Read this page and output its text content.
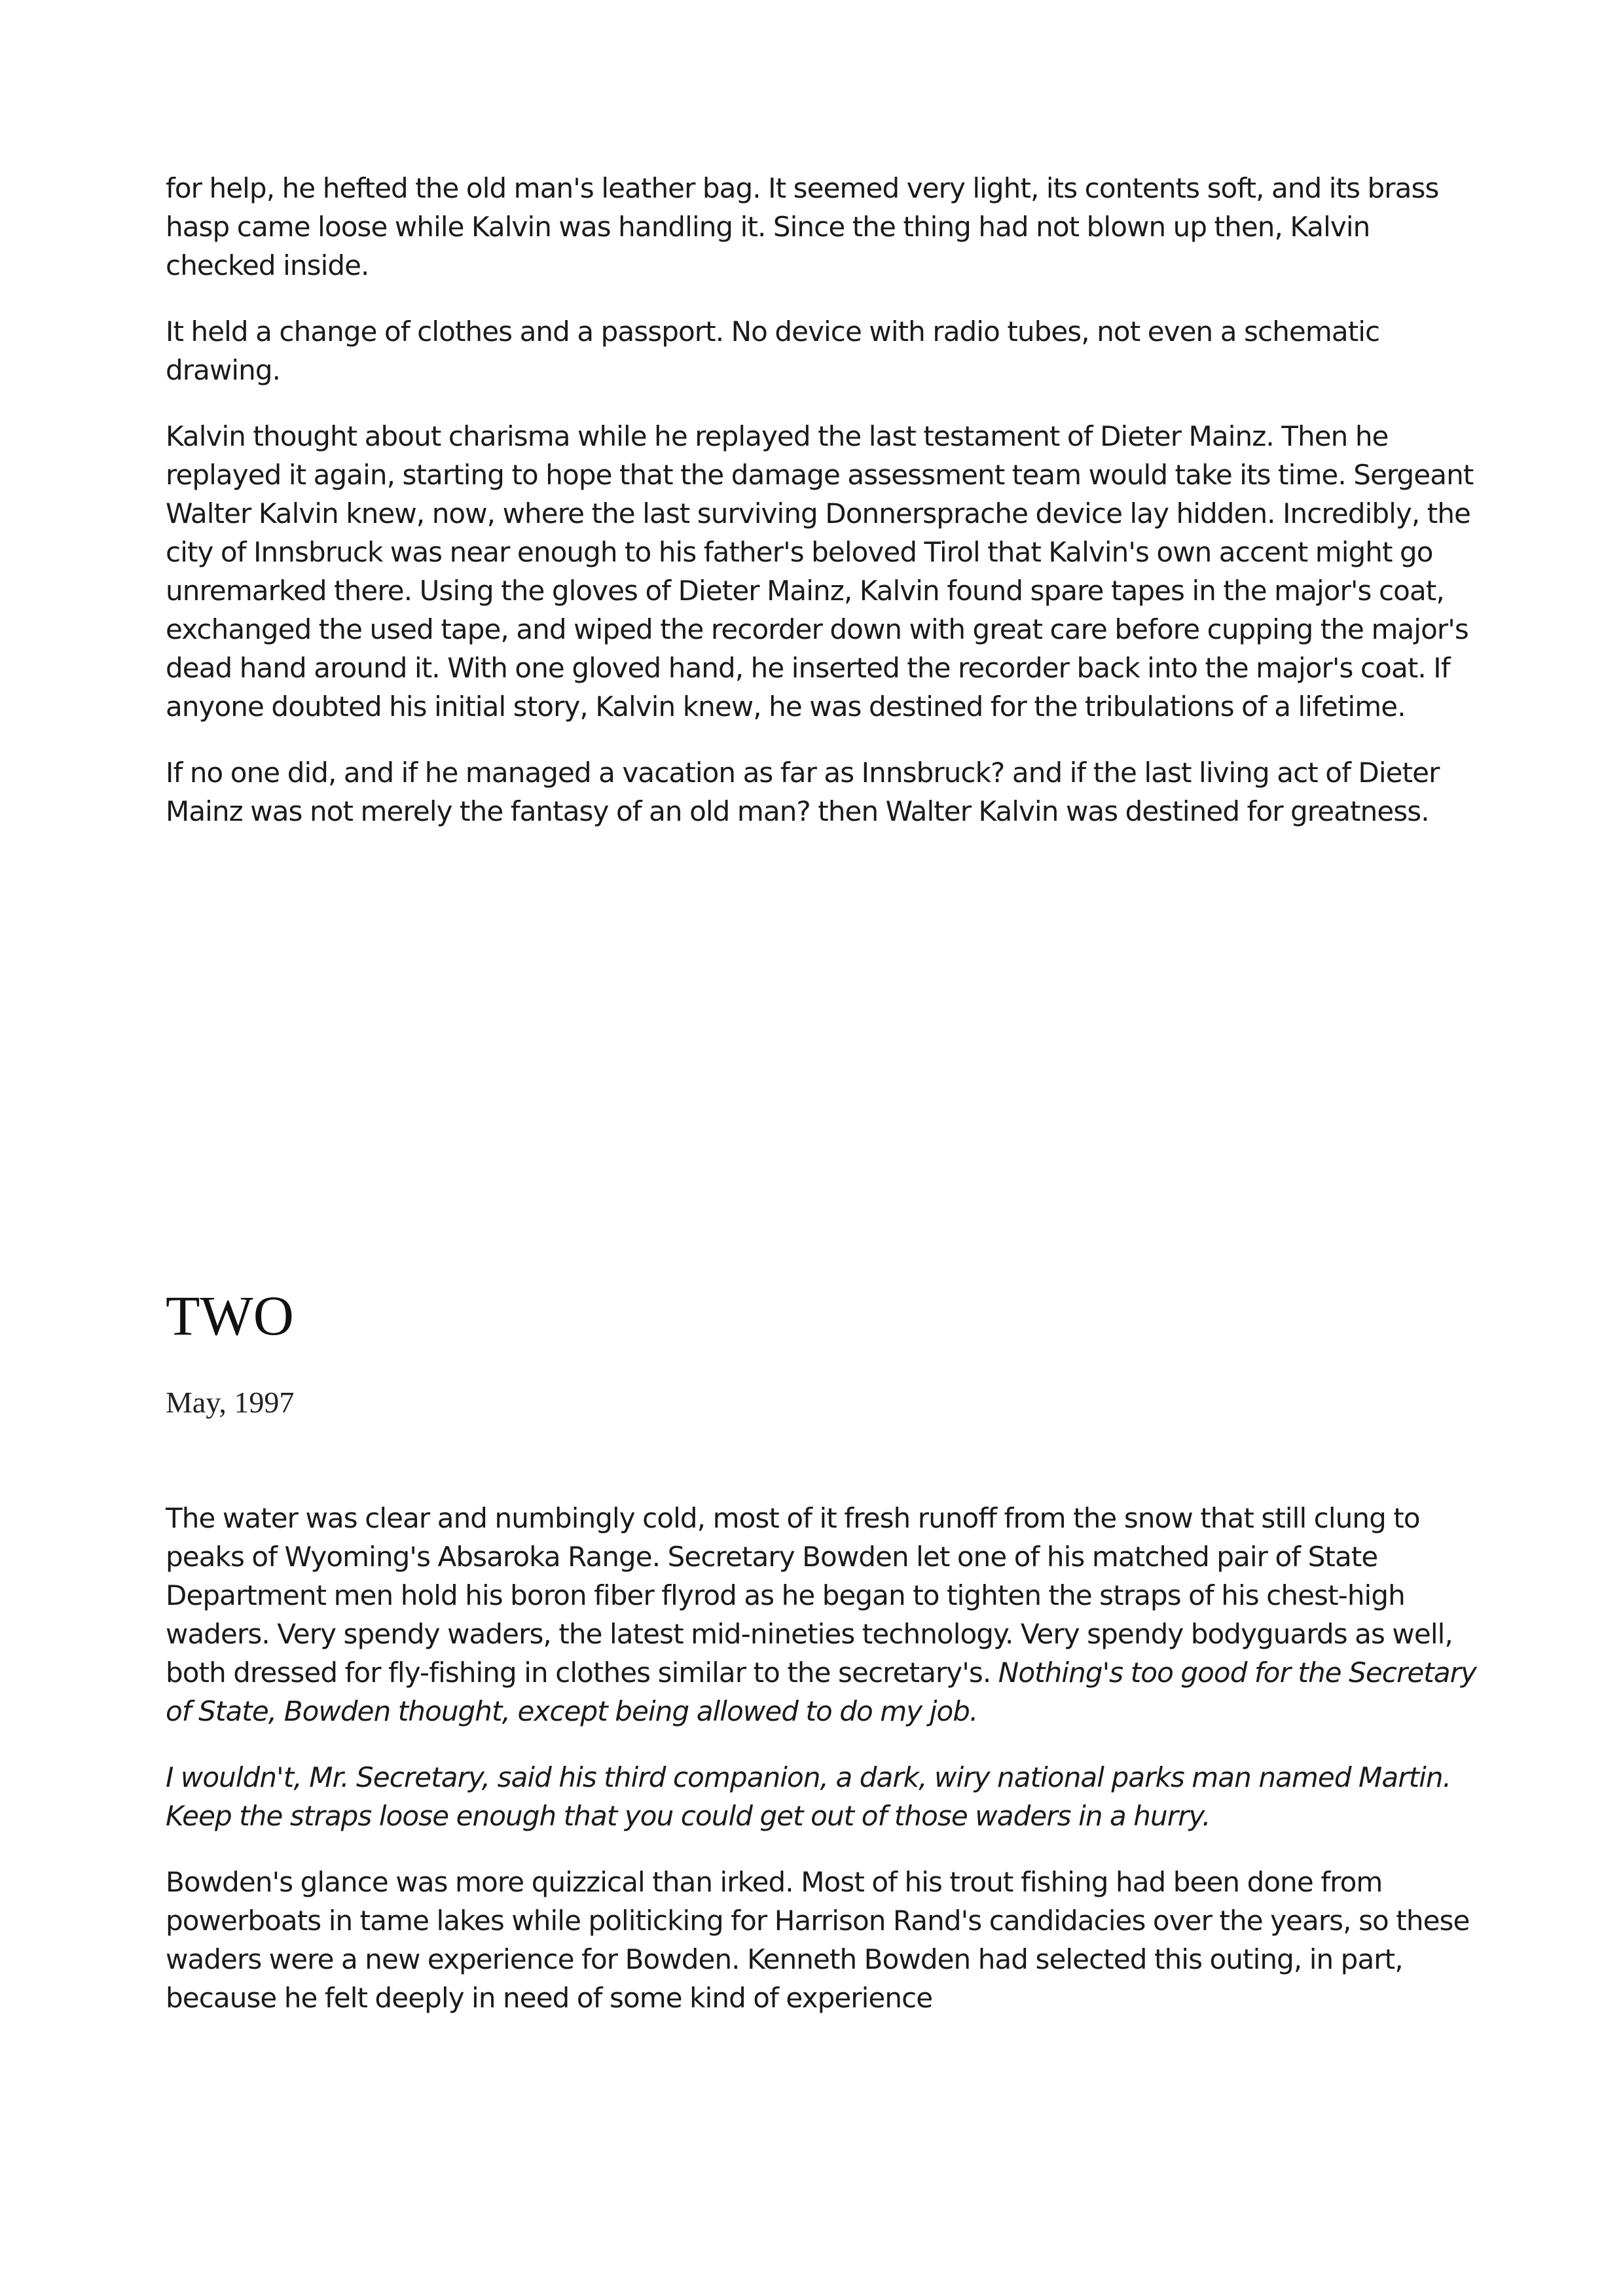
for help, he hefted the old man's leather bag. It seemed very light, its contents soft, and its brass hasp came loose while Kalvin was handling it. Since the thing had not blown up then, Kalvin checked inside.

It held a change of clothes and a passport. No device with radio tubes, not even a schematic drawing.

Kalvin thought about charisma while he replayed the last testament of Dieter Mainz. Then he replayed it again, starting to hope that the damage assessment team would take its time. Sergeant Walter Kalvin knew, now, where the last surviving Donnersprache device lay hidden. Incredibly, the city of Innsbruck was near enough to his father's beloved Tirol that Kalvin's own accent might go unremarked there. Using the gloves of Dieter Mainz, Kalvin found spare tapes in the major's coat, exchanged the used tape, and wiped the recorder down with great care before cupping the major's dead hand around it. With one gloved hand, he inserted the recorder back into the major's coat. If anyone doubted his initial story, Kalvin knew, he was destined for the tribulations of a lifetime.

If no one did, and if he managed a vacation as far as Innsbruck? and if the last living act of Dieter Mainz was not merely the fantasy of an old man? then Walter Kalvin was destined for greatness.

TWO
May, 1997

The water was clear and numbingly cold, most of it fresh runoff from the snow that still clung to peaks of Wyoming's Absaroka Range. Secretary Bowden let one of his matched pair of State Department men hold his boron fiber flyrod as he began to tighten the straps of his chest-high waders. Very spendy waders, the latest mid-nineties technology. Very spendy bodyguards as well, both dressed for fly-fishing in clothes similar to the secretary's. Nothing's too good for the Secretary of State, Bowden thought, except being allowed to do my job.

I wouldn't, Mr. Secretary, said his third companion, a dark, wiry national parks man named Martin. Keep the straps loose enough that you could get out of those waders in a hurry.

Bowden's glance was more quizzical than irked. Most of his trout fishing had been done from powerboats in tame lakes while politicking for Harrison Rand's candidacies over the years, so these waders were a new experience for Bowden. Kenneth Bowden had selected this outing, in part, because he felt deeply in need of some kind of experience
